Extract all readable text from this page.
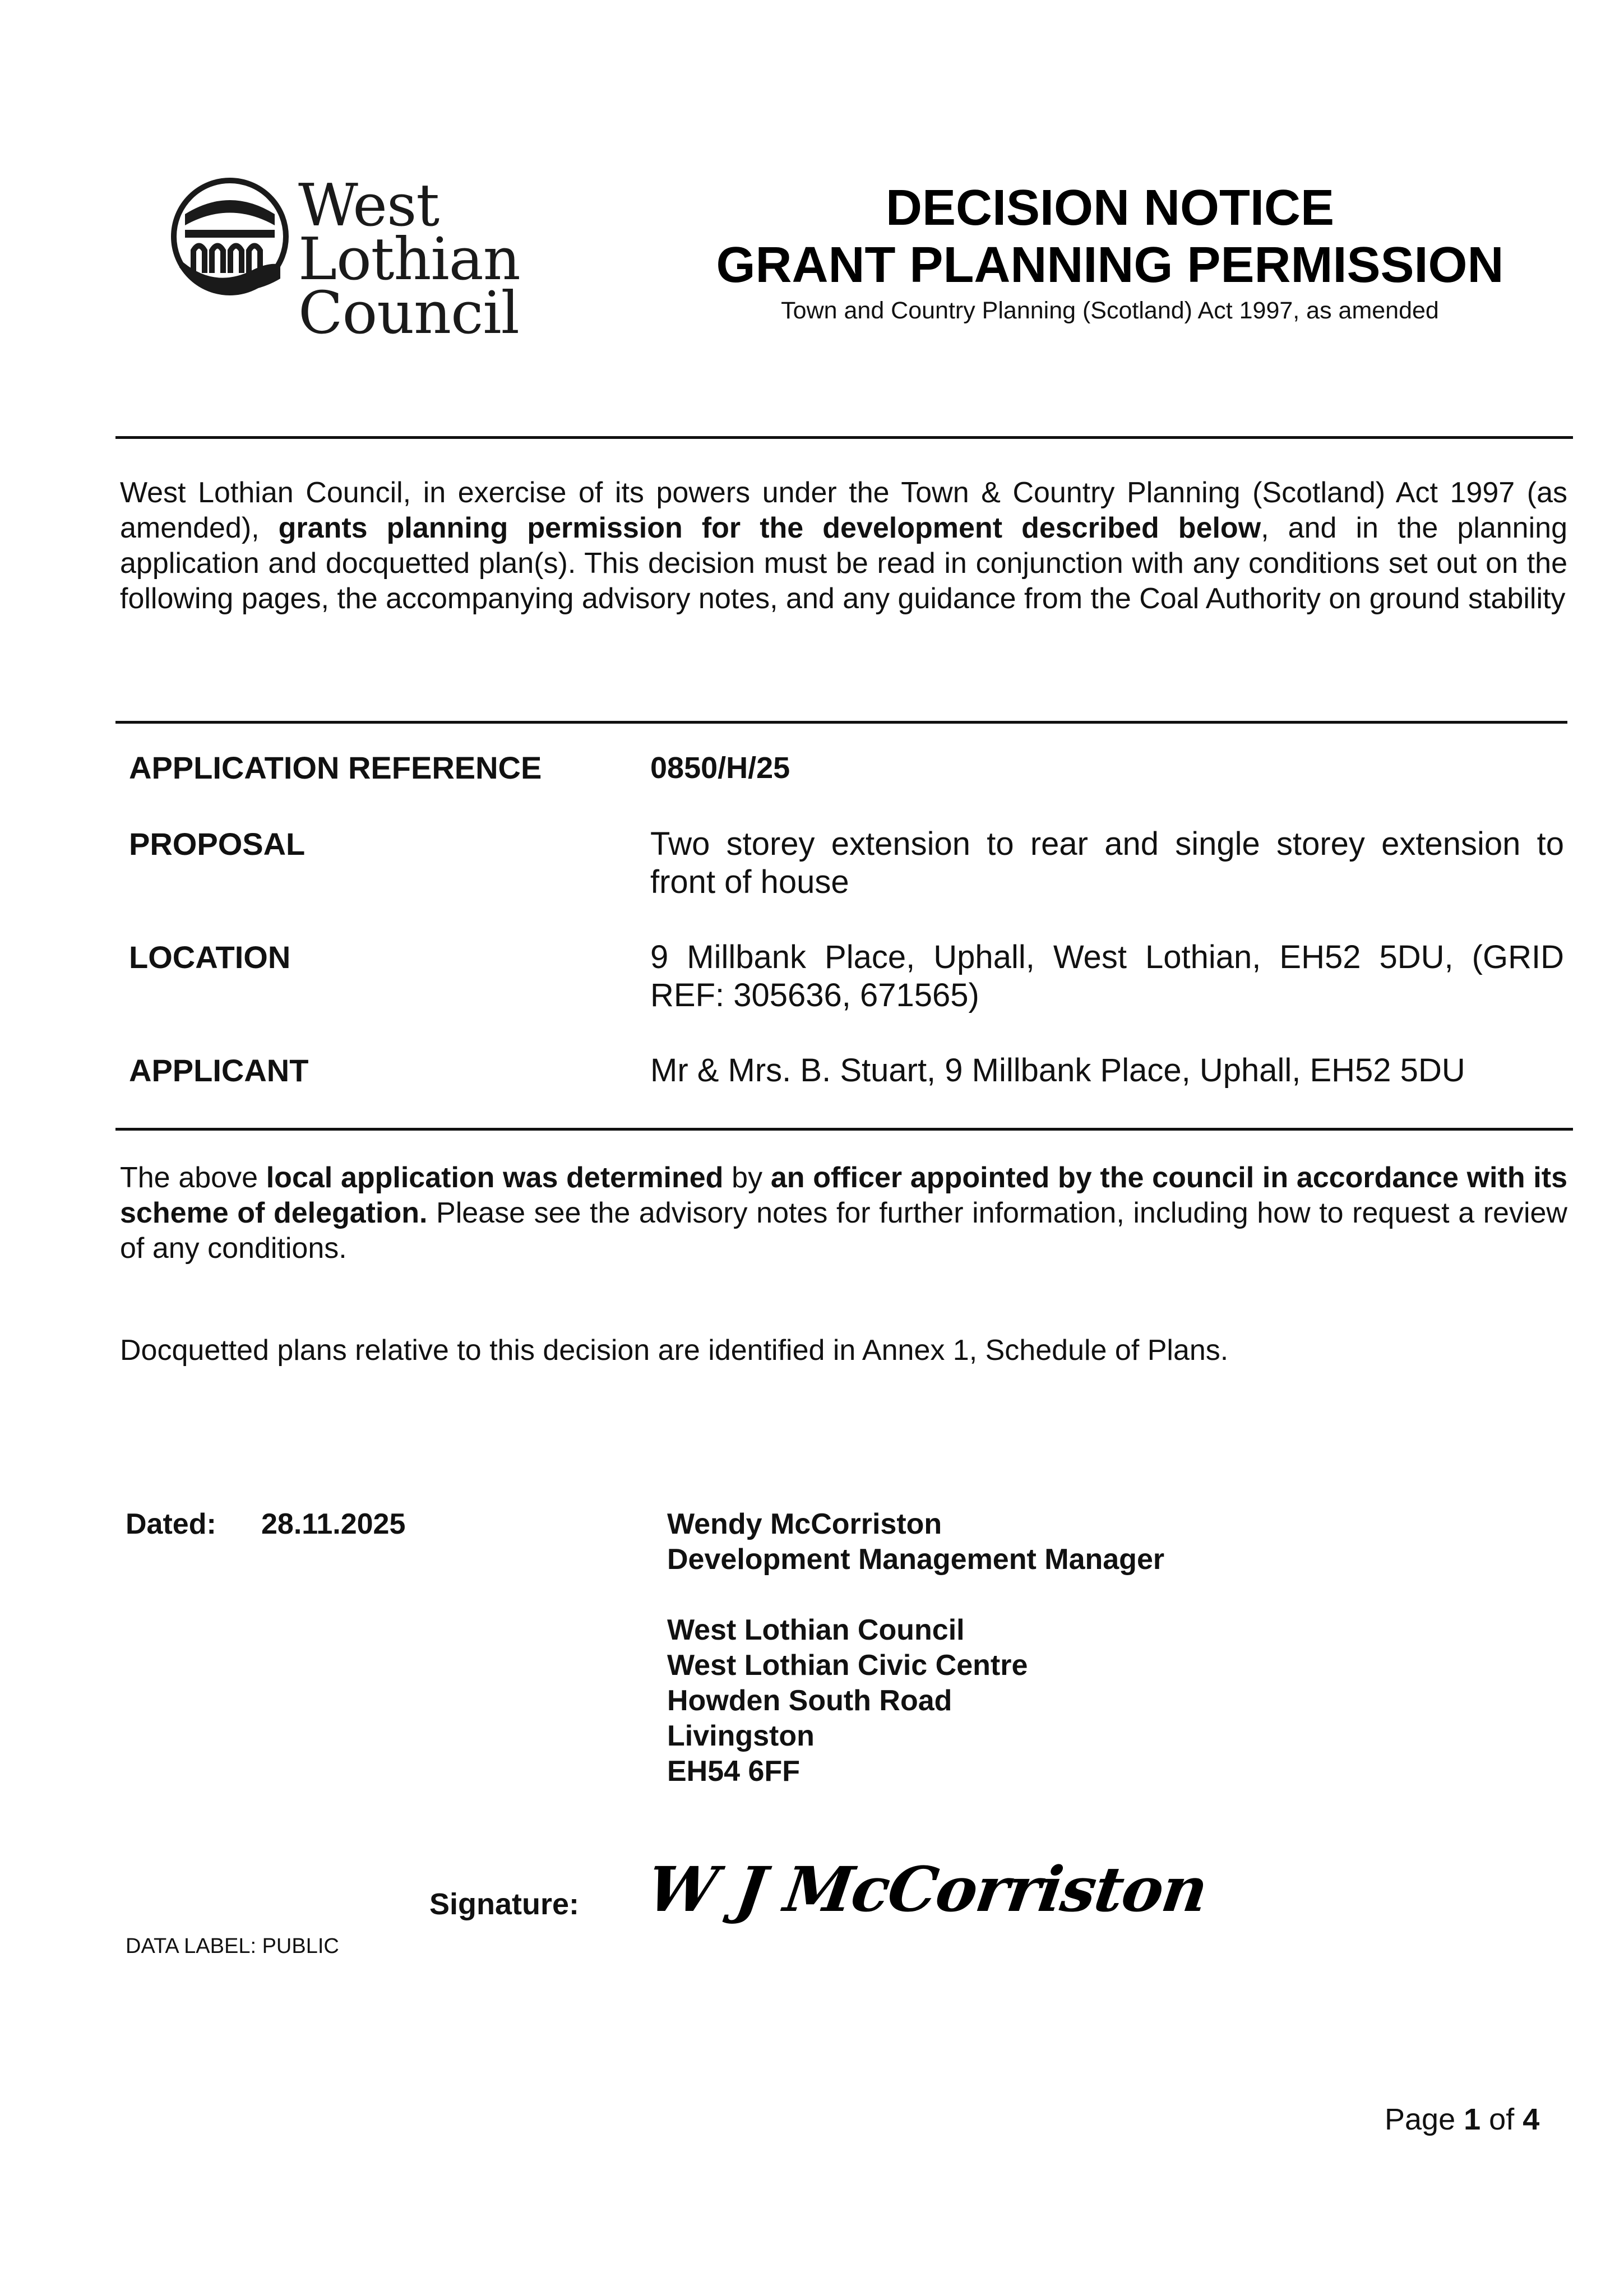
West Lothian
Council
DECISION NOTICE
GRANT PLANNING PERMISSION
Town and Country Planning (Scotland) Act 1997, as amended
West Lothian Council, in exercise of its powers under the Town & Country Planning (Scotland) Act 1997 (as amended), grants planning permission for the development described below, and in the planning application and docquetted plan(s). This decision must be read in conjunction with any conditions set out on the following pages, the accompanying advisory notes, and any guidance from the Coal Authority on ground stability
APPLICATION REFERENCE	0850/H/25
PROPOSAL	Two storey extension to rear and single storey extension to front of house
LOCATION	9 Millbank Place, Uphall, West Lothian, EH52 5DU, (GRID REF: 305636, 671565)
APPLICANT	Mr & Mrs. B. Stuart, 9 Millbank Place, Uphall, EH52 5DU
The above local application was determined by an officer appointed by the council in accordance with its scheme of delegation. Please see the advisory notes for further information, including how to request a review of any conditions.
Docquetted plans relative to this decision are identified in Annex 1, Schedule of Plans.
Dated: 28.11.2025	Wendy McCorriston
Development Management Manager
West Lothian Council
West Lothian Civic Centre
Howden South Road
Livingston
EH54 6FF
Signature: W J McCorriston
DATA LABEL: PUBLIC
Page 1 of 4
